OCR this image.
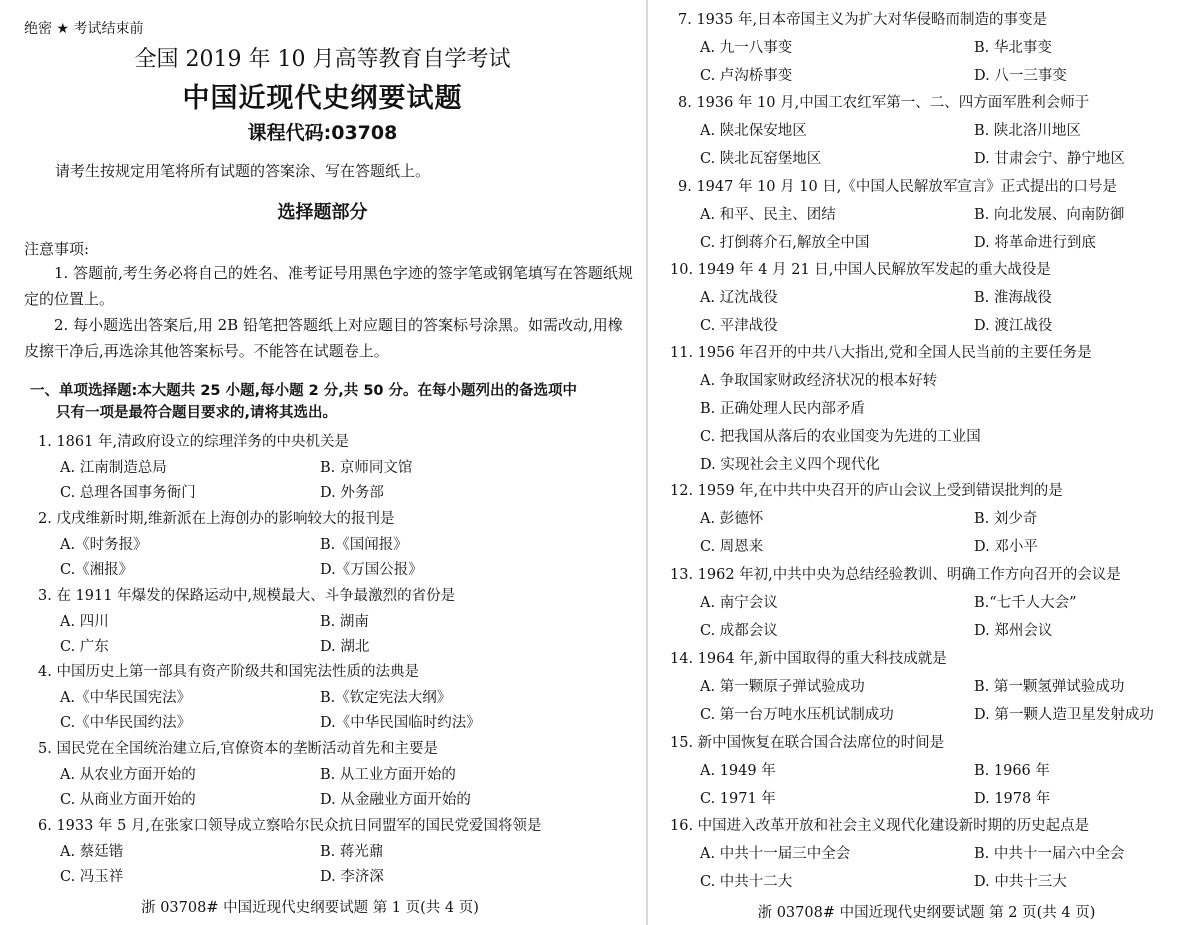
绝密 ★ 考试结束前
全国 2019 年 10 月高等教育自学考试
中国近现代史纲要试题
课程代码:03708
请考生按规定用笔将所有试题的答案涂、写在答题纸上。
选择题部分
注意事项:
1. 答题前,考生务必将自己的姓名、准考证号用黑色字迹的签字笔或钢笔填写在答题纸规定的位置上。
2. 每小题选出答案后,用 2B 铅笔把答题纸上对应题目的答案标号涂黑。如需改动,用橡皮擦干净后,再选涂其他答案标号。不能答在试题卷上。
一、单项选择题:本大题共 25 小题,每小题 2 分,共 50 分。在每小题列出的备选项中
只有一项是最符合题目要求的,请将其选出。
1. 1861 年,清政府设立的综理洋务的中央机关是
A. 江南制造总局	B. 京师同文馆
C. 总理各国事务衙门	D. 外务部
2. 戊戌维新时期,维新派在上海创办的影响较大的报刊是
A.《时务报》	B.《国闻报》
C.《湘报》	D.《万国公报》
3. 在 1911 年爆发的保路运动中,规模最大、斗争最激烈的省份是
A. 四川	B. 湖南
C. 广东	D. 湖北
4. 中国历史上第一部具有资产阶级共和国宪法性质的法典是
A.《中华民国宪法》	B.《钦定宪法大纲》
C.《中华民国约法》	D.《中华民国临时约法》
5. 国民党在全国统治建立后,官僚资本的垄断活动首先和主要是
A. 从农业方面开始的	B. 从工业方面开始的
C. 从商业方面开始的	D. 从金融业方面开始的
6. 1933 年 5 月,在张家口领导成立察哈尔民众抗日同盟军的国民党爱国将领是
A. 蔡廷锴	B. 蒋光鼐
C. 冯玉祥	D. 李济深
浙 03708# 中国近现代史纲要试题 第 1 页(共 4 页)
7. 1935 年,日本帝国主义为扩大对华侵略而制造的事变是
A. 九一八事变	B. 华北事变
C. 卢沟桥事变	D. 八一三事变
8. 1936 年 10 月,中国工农红军第一、二、四方面军胜利会师于
A. 陕北保安地区	B. 陕北洛川地区
C. 陕北瓦窑堡地区	D. 甘肃会宁、静宁地区
9. 1947 年 10 月 10 日,《中国人民解放军宣言》正式提出的口号是
A. 和平、民主、团结	B. 向北发展、向南防御
C. 打倒蒋介石,解放全中国	D. 将革命进行到底
10. 1949 年 4 月 21 日,中国人民解放军发起的重大战役是
A. 辽沈战役	B. 淮海战役
C. 平津战役	D. 渡江战役
11. 1956 年召开的中共八大指出,党和全国人民当前的主要任务是
A. 争取国家财政经济状况的根本好转
B. 正确处理人民内部矛盾
C. 把我国从落后的农业国变为先进的工业国
D. 实现社会主义四个现代化
12. 1959 年,在中共中央召开的庐山会议上受到错误批判的是
A. 彭德怀	B. 刘少奇
C. 周恩来	D. 邓小平
13. 1962 年初,中共中央为总结经验教训、明确工作方向召开的会议是
A. 南宁会议	B.“七千人大会”
C. 成都会议	D. 郑州会议
14. 1964 年,新中国取得的重大科技成就是
A. 第一颗原子弹试验成功	B. 第一颗氢弹试验成功
C. 第一台万吨水压机试制成功	D. 第一颗人造卫星发射成功
15. 新中国恢复在联合国合法席位的时间是
A. 1949 年	B. 1966 年
C. 1971 年	D. 1978 年
16. 中国进入改革开放和社会主义现代化建设新时期的历史起点是
A. 中共十一届三中全会	B. 中共十一届六中全会
C. 中共十二大	D. 中共十三大
浙 03708# 中国近现代史纲要试题 第 2 页(共 4 页)
